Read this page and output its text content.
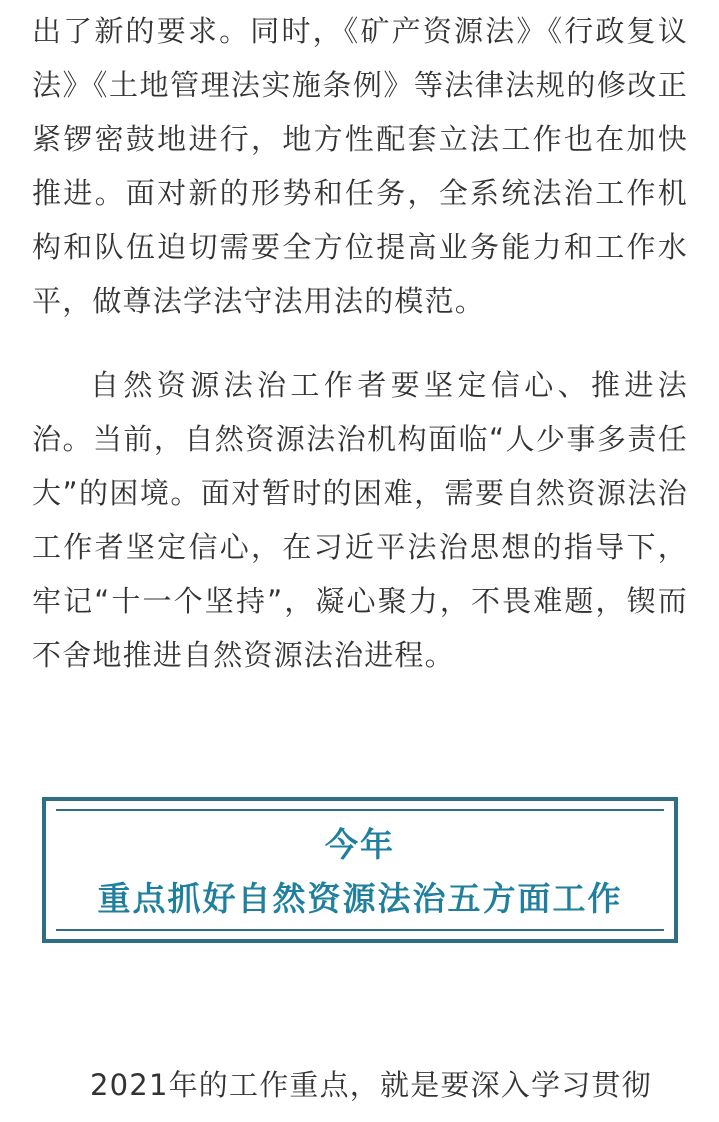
出了新的要求。同时，《矿产资源法》《行政复议法》《土地管理法实施条例》等法律法规的修改正紧锣密鼓地进行，地方性配套立法工作也在加快推进。面对新的形势和任务，全系统法治工作机构和队伍迫切需要全方位提高业务能力和工作水平，做尊法学法守法用法的模范。

自然资源法治工作者要坚定信心、推进法治。当前，自然资源法治机构面临“人少事多责任大”的困境。面对暂时的困难，需要自然资源法治工作者坚定信心，在习近平法治思想的指导下，牢记“十一个坚持”，凝心聚力，不畏难题，锲而不舍地推进自然资源法治进程。

今年

重点抓好自然资源法治五方面工作

2021年的工作重点，就是要深入学习贯彻
